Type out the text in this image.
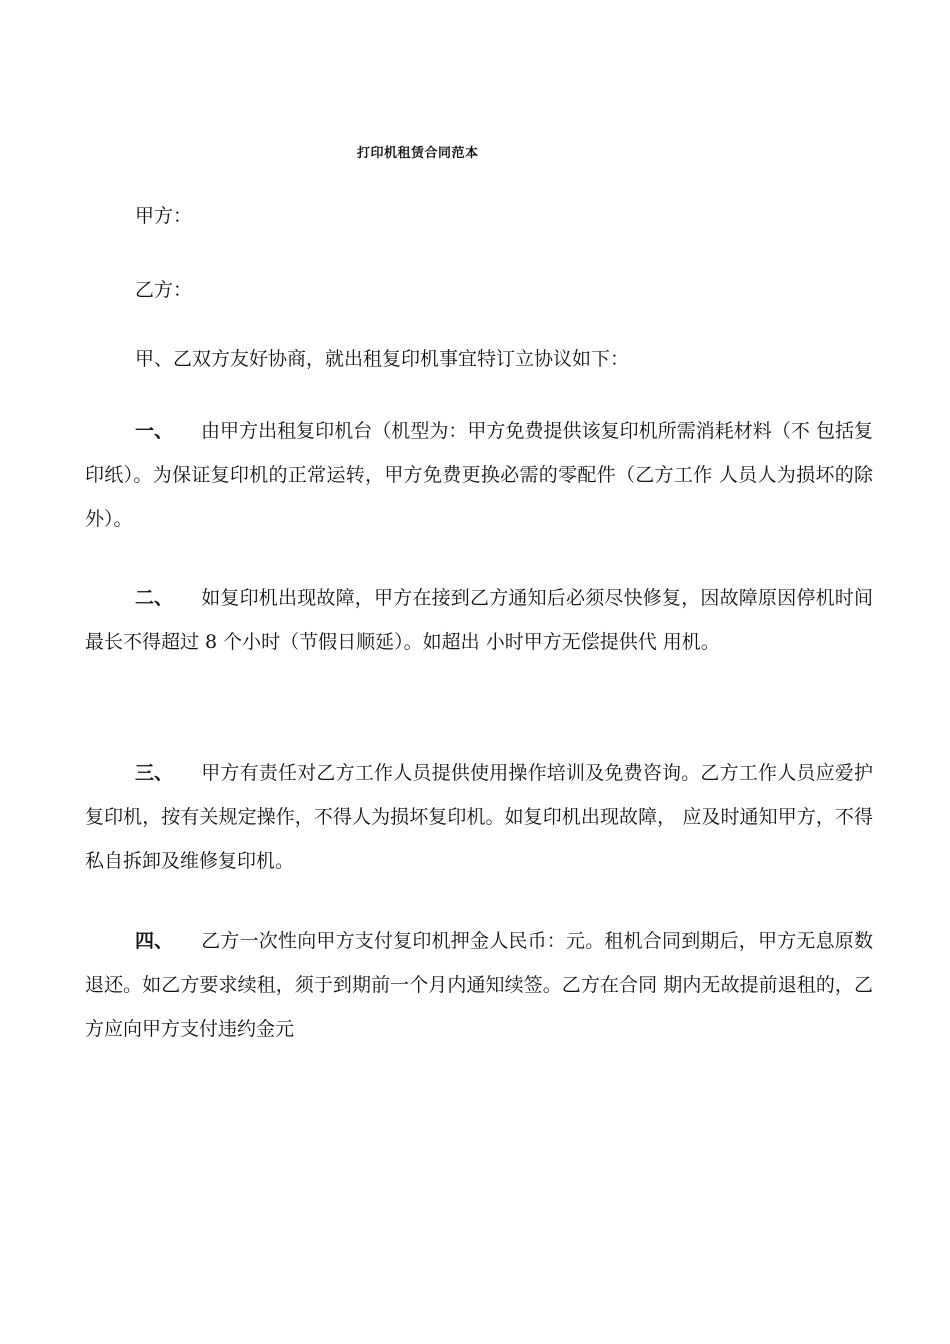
打印机租赁合同范本
甲方：
乙方：
甲、乙双方友好协商，就出租复印机事宜特订立协议如下：
一、 由甲方出租复印机台（机型为：甲方免费提供该复印机所需消耗材料（不 包括复印纸）。为保证复印机的正常运转，甲方免费更换必需的零配件（乙方工作 人员人为损坏的除外）。
二、 如复印机出现故障，甲方在接到乙方通知后必须尽快修复，因故障原因停机时间最长不得超过 8 个小时（节假日顺延）。如超出 小时甲方无偿提供代 用机。
三、 甲方有责任对乙方工作人员提供使用操作培训及免费咨询。乙方工作人员应爱护复印机，按有关规定操作，不得人为损坏复印机。如复印机出现故障， 应及时通知甲方，不得私自拆卸及维修复印机。
四、 乙方一次性向甲方支付复印机押金人民币：元。租机合同到期后，甲方无息原数退还。如乙方要求续租，须于到期前一个月内通知续签。乙方在合同 期内无故提前退租的，乙方应向甲方支付违约金元
